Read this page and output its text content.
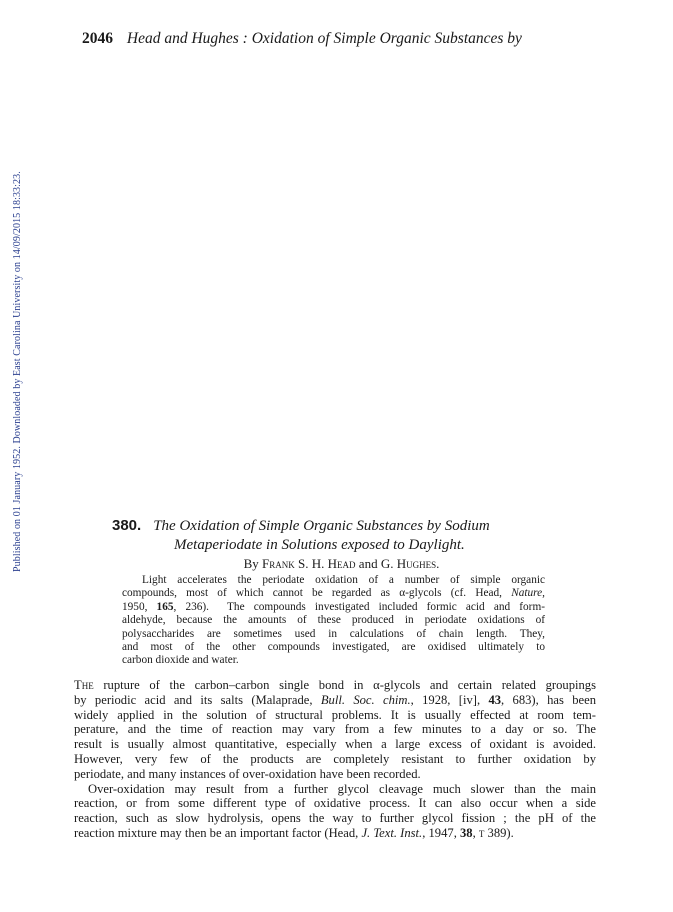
2046 Head and Hughes : Oxidation of Simple Organic Substances by
Published on 01 January 1952. Downloaded by East Carolina University on 14/09/2015 18:33:23.	380. The Oxidation of Simple Organic Substances by Sodium
Metaperiodate in Solutions exposed to Daylight.
By Frank S. H. Head and G. Hughes.
Light accelerates the periodate oxidation of a number of simple organic
compounds, most of which cannot be regarded as α-glycols (cf. Head, Nature,
1950, 165, 236).  The compounds investigated included formic acid and form-
aldehyde, because the amounts of these produced in periodate oxidations of
polysaccharides are sometimes used in calculations of chain length. They,
and most of the other compounds investigated, are oxidised ultimately to
carbon dioxide and water.
The rupture of the carbon–carbon single bond in α-glycols and certain related groupings
by periodic acid and its salts (Malaprade, Bull. Soc. chim., 1928, [iv], 43, 683), has been
widely applied in the solution of structural problems. It is usually effected at room tem-
perature, and the time of reaction may vary from a few minutes to a day or so. The
result is usually almost quantitative, especially when a large excess of oxidant is avoided.
However, very few of the products are completely resistant to further oxidation by
periodate, and many instances of over-oxidation have been recorded.
Over-oxidation may result from a further glycol cleavage much slower than the main
reaction, or from some different type of oxidative process. It can also occur when a side
reaction, such as slow hydrolysis, opens the way to further glycol fission ; the pH of the
reaction mixture may then be an important factor (Head, J. Text. Inst., 1947, 38, t 389).
